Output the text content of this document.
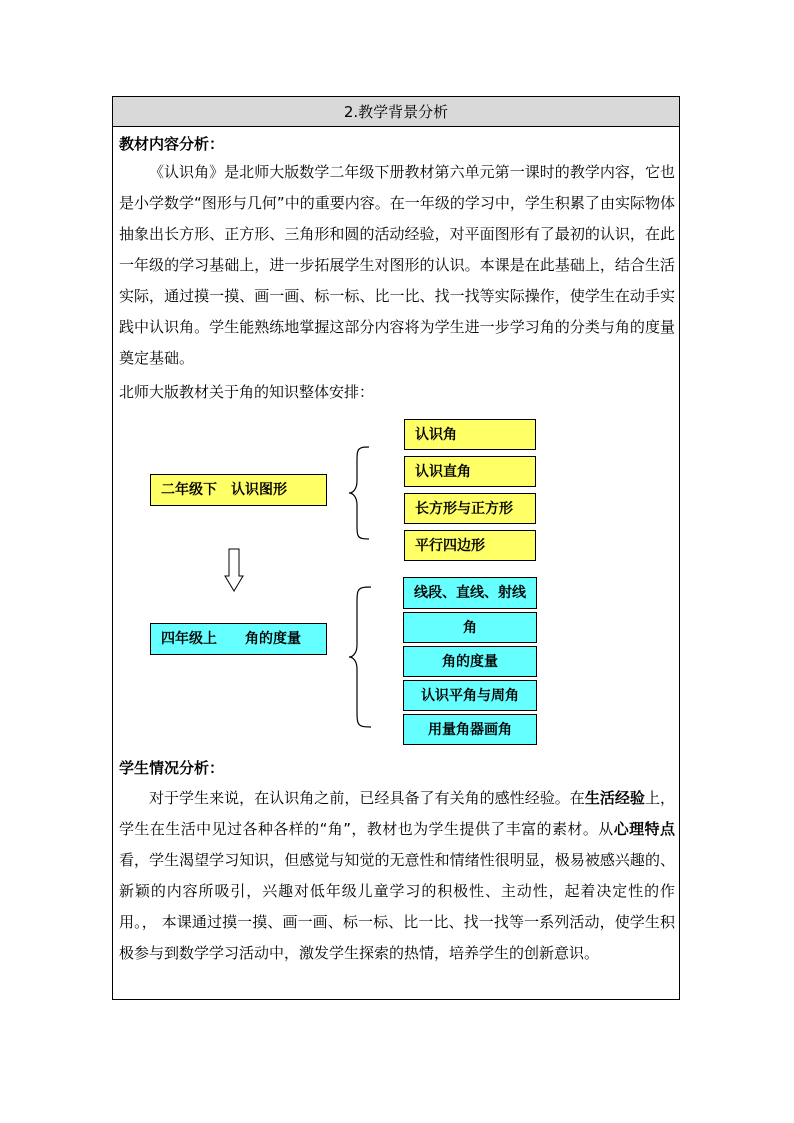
2.教学背景分析
教材内容分析：

《认识角》是北师大版数学二年级下册教材第六单元第一课时的教学内容，它也是小学数学“图形与几何”中的重要内容。在一年级的学习中，学生积累了由实际物体抽象出长方形、正方形、三角形和圆的活动经验，对平面图形有了最初的认识，在此一年级的学习基础上，进一步拓展学生对图形的认识。本课是在此基础上，结合生活实际，通过摸一摸、画一画、标一标、比一比、找一找等实际操作，使学生在动手实践中认识角。学生能熟练地掌握这部分内容将为学生进一步学习角的分类与角的度量奠定基础。

北师大版教材关于角的知识整体安排：
二年级下　认识图形
认识角
认识直角
长方形与正方形
平行四边形
四年级上　　角的度量
线段、直线、射线
角
角的度量
认识平角与周角
用量角器画角
学生情况分析：

对于学生来说，在认识角之前，已经具备了有关角的感性经验。在生活经验上，学生在生活中见过各种各样的“角”，教材也为学生提供了丰富的素材。从心理特点看，学生渴望学习知识，但感觉与知觉的无意性和情绪性很明显，极易被感兴趣的、新颖的内容所吸引，兴趣对低年级儿童学习的积极性、主动性，起着决定性的作用。， 本课通过摸一摸、画一画、标一标、比一比、找一找等一系列活动，使学生积极参与到数学学习活动中，激发学生探索的热情，培养学生的创新意识。
